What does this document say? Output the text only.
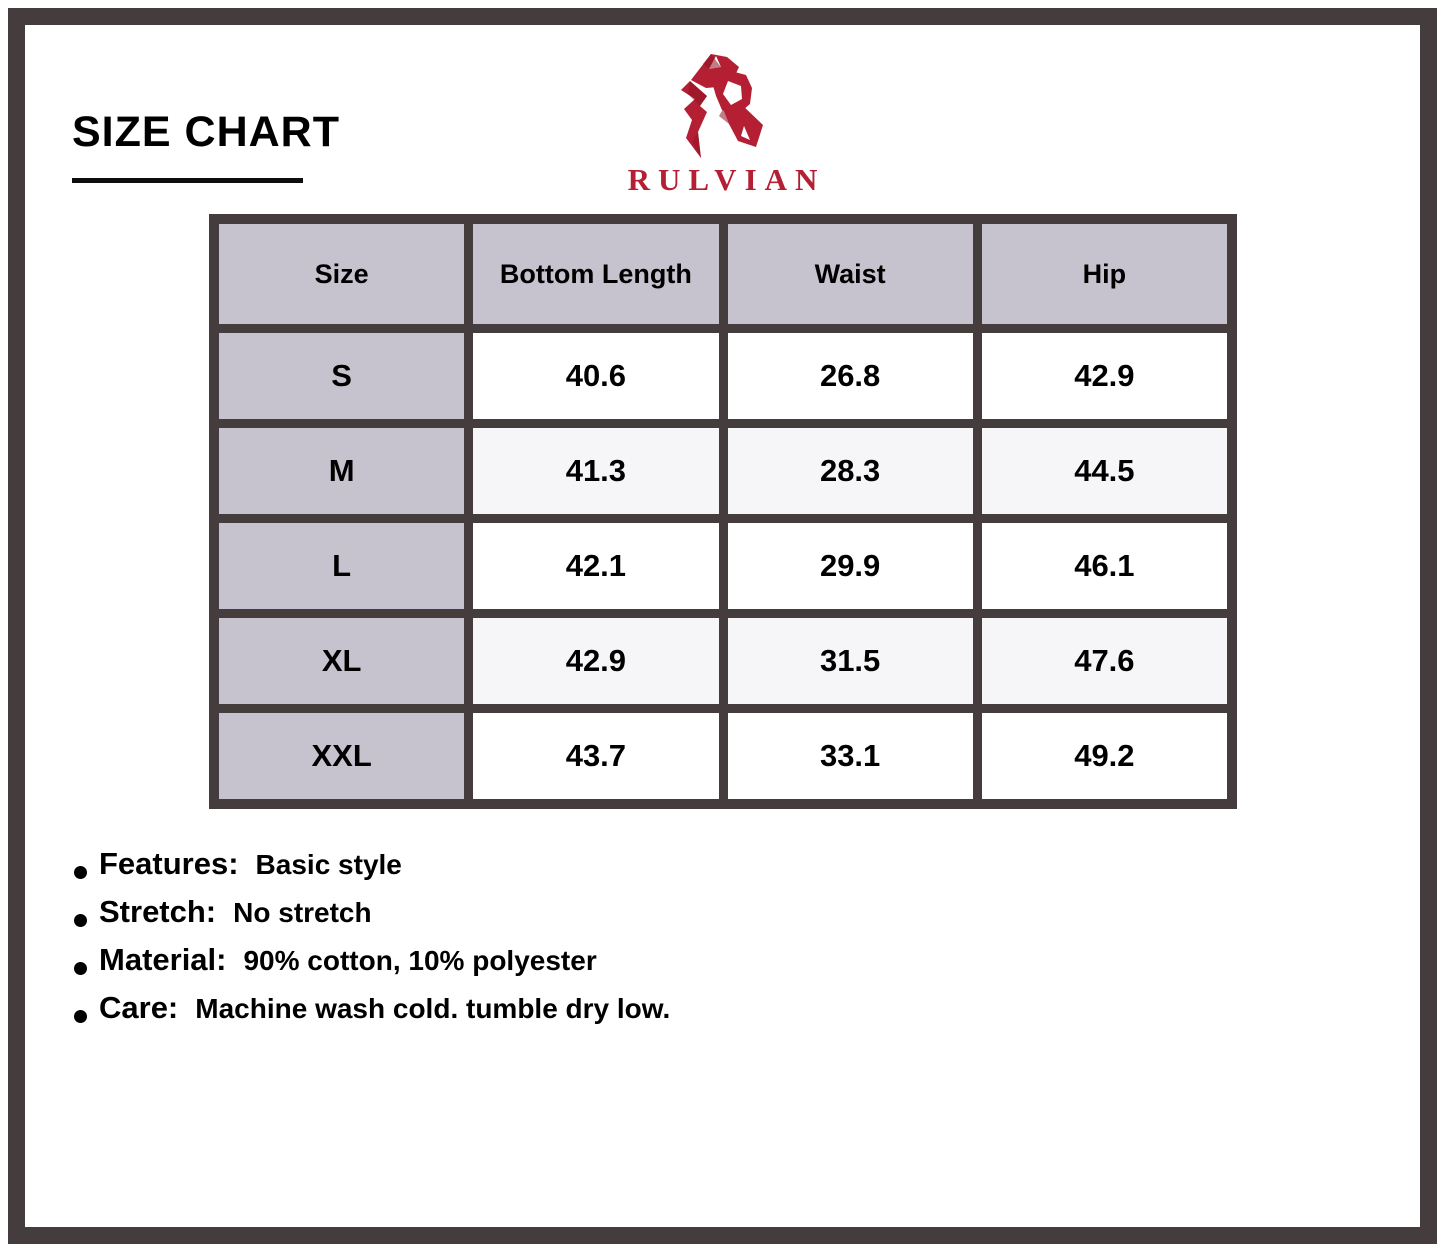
SIZE CHART
RULVIAN
Size	Bottom Length	Waist	Hip
S	40.6	26.8	42.9
M	41.3	28.3	44.5
L	42.1	29.9	46.1
XL	42.9	31.5	47.6
XXL	43.7	33.1	49.2
Features: Basic style
Stretch: No stretch
Material: 90% cotton, 10% polyester
Care: Machine wash cold. tumble dry low.
